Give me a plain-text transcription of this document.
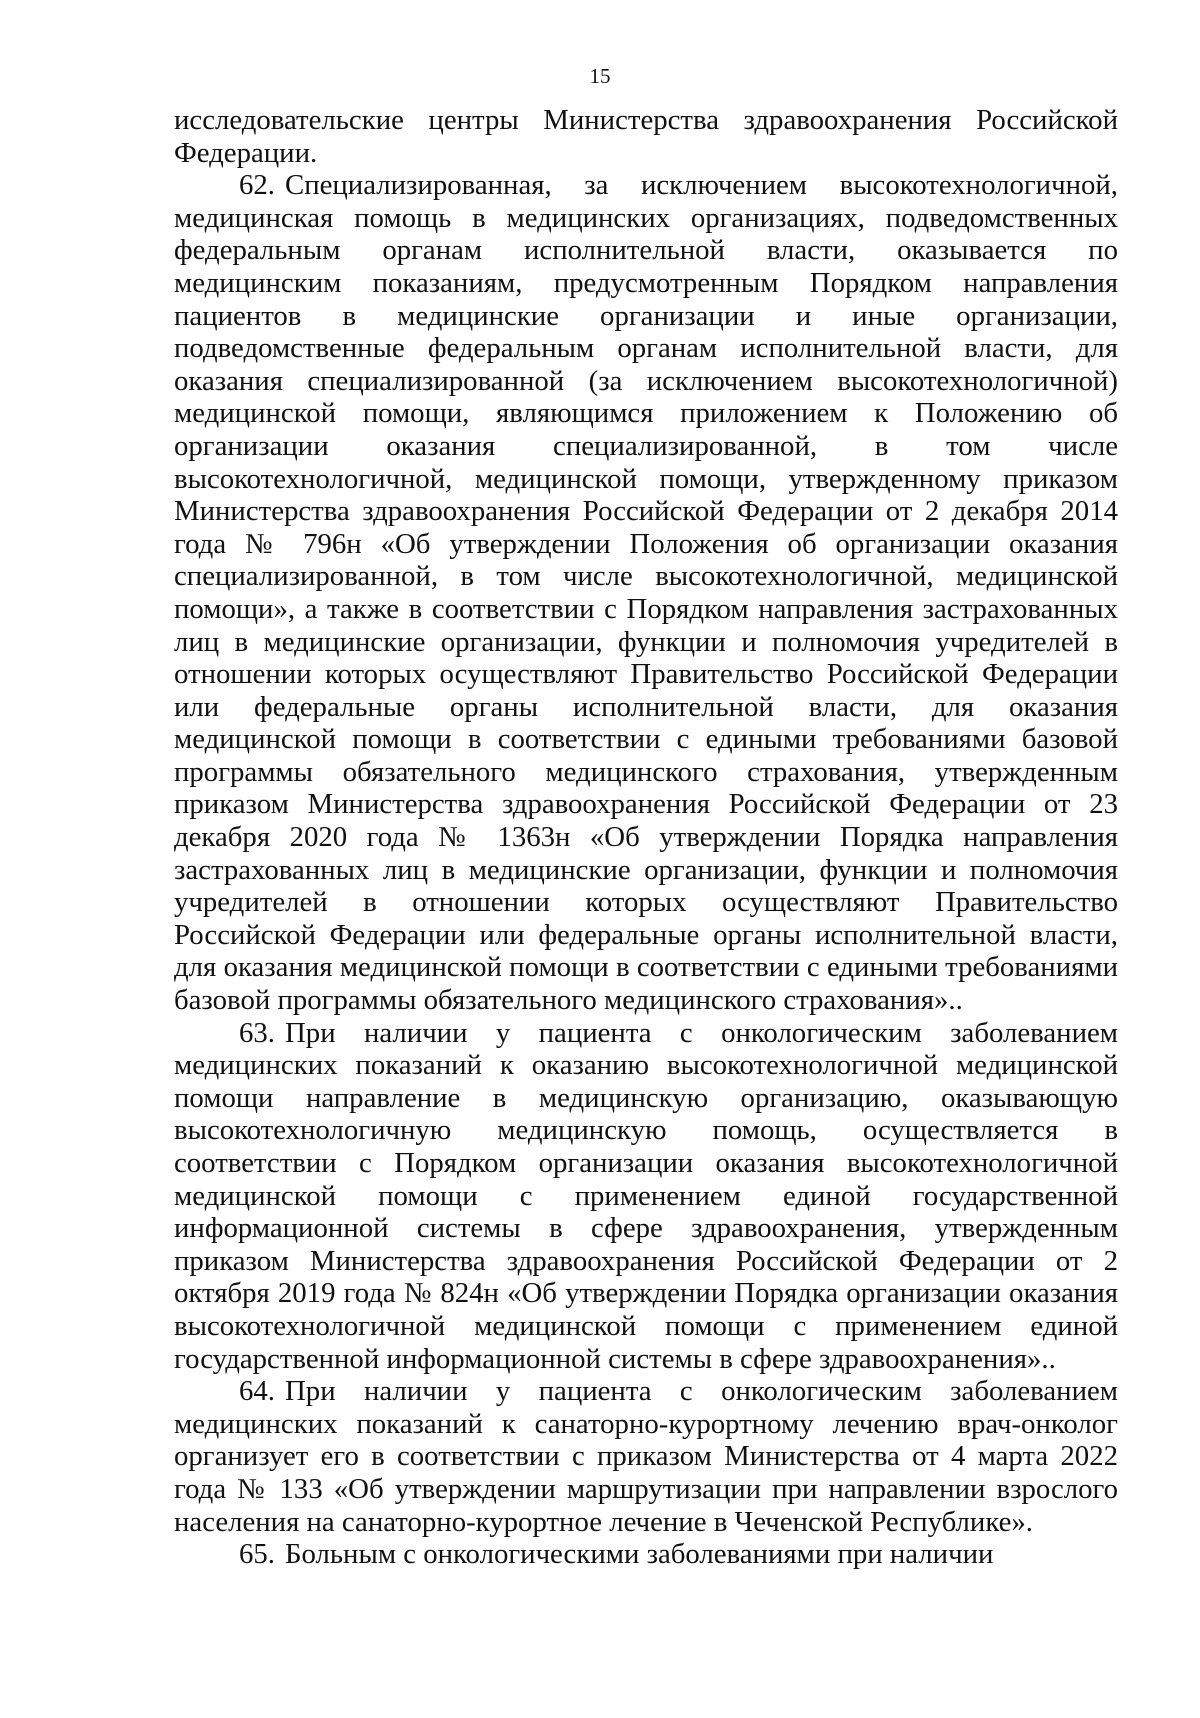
15

исследовательские центры Министерства здравоохранения Российской Федерации.

62. Специализированная, за исключением высокотехнологичной, медицинская помощь в медицинских организациях, подведомственных федеральным органам исполнительной власти, оказывается по медицинским показаниям, предусмотренным Порядком направления пациентов в медицинские организации и иные организации, подведомственные федеральным органам исполнительной власти, для оказания специализированной (за исключением высокотехнологичной) медицинской помощи, являющимся приложением к Положению об организации оказания специализированной, в том числе высокотехнологичной, медицинской помощи, утвержденному приказом Министерства здравоохранения Российской Федерации от 2 декабря 2014 года № 796н «Об утверждении Положения об организации оказания специализированной, в том числе высокотехнологичной, медицинской помощи», а также в соответствии с Порядком направления застрахованных лиц в медицинские организации, функции и полномочия учредителей в отношении которых осуществляют Правительство Российской Федерации или федеральные органы исполнительной власти, для оказания медицинской помощи в соответствии с едиными требованиями базовой программы обязательного медицинского страхования, утвержденным приказом Министерства здравоохранения Российской Федерации от 23 декабря 2020 года № 1363н «Об утверждении Порядка направления застрахованных лиц в медицинские организации, функции и полномочия учредителей в отношении которых осуществляют Правительство Российской Федерации или федеральные органы исполнительной власти, для оказания медицинской помощи в соответствии с едиными требованиями базовой программы обязательного медицинского страхования»..

63. При наличии у пациента с онкологическим заболеванием медицинских показаний к оказанию высокотехнологичной медицинской помощи направление в медицинскую организацию, оказывающую высокотехнологичную медицинскую помощь, осуществляется в соответствии с Порядком организации оказания высокотехнологичной медицинской помощи с применением единой государственной информационной системы в сфере здравоохранения, утвержденным приказом Министерства здравоохранения Российской Федерации от 2 октября 2019 года № 824н «Об утверждении Порядка организации оказания высокотехнологичной медицинской помощи с применением единой государственной информационной системы в сфере здравоохранения»..

64. При наличии у пациента с онкологическим заболеванием медицинских показаний к санаторно-курортному лечению врач-онколог организует его в соответствии с приказом Министерства от 4 марта 2022 года № 133 «Об утверждении маршрутизации при направлении взрослого населения на санаторно-курортное лечение в Чеченской Республике».

65. Больным с онкологическими заболеваниями при наличии
